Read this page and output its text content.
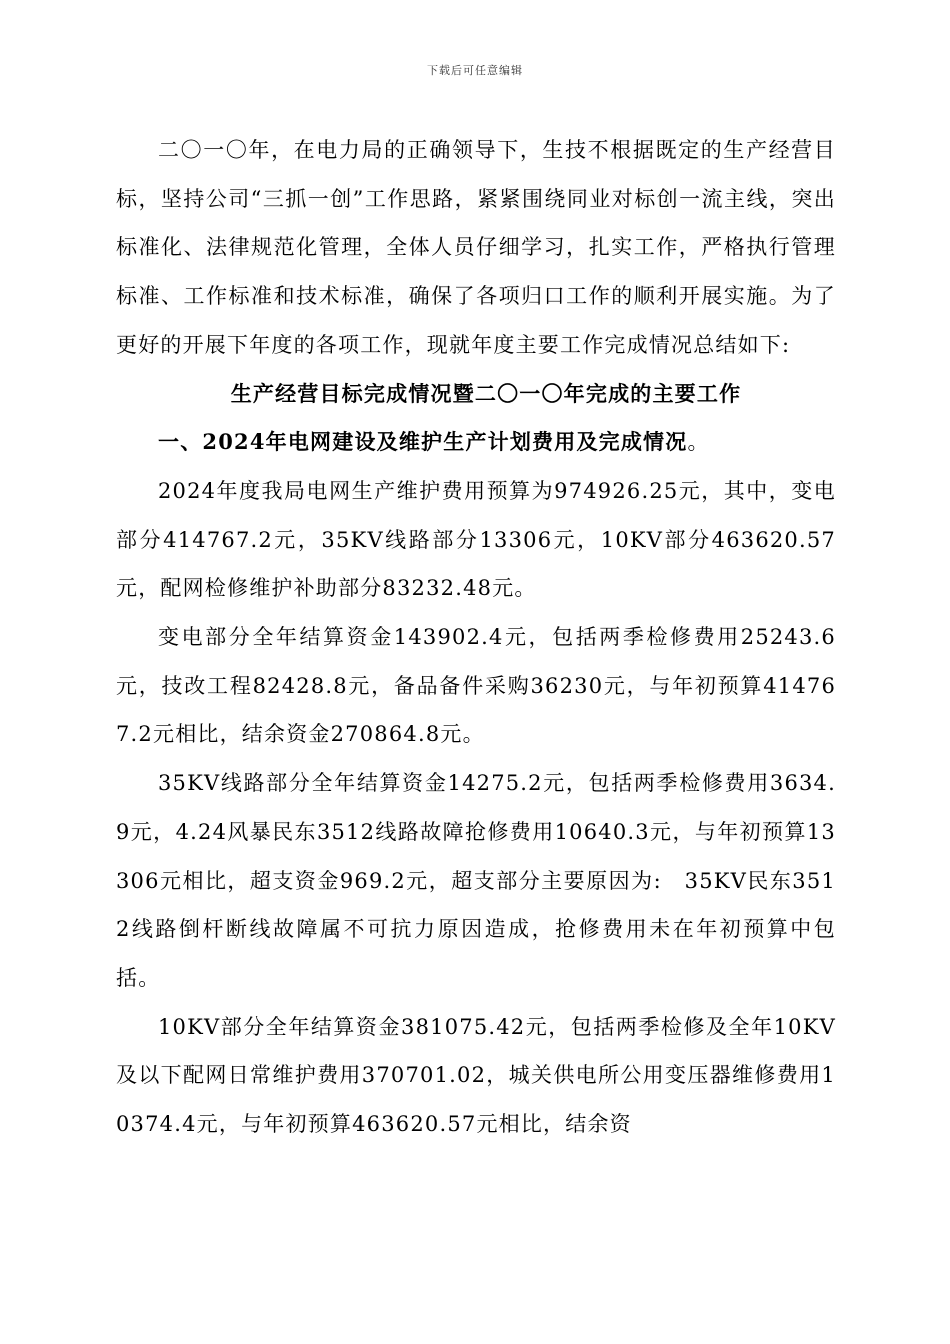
下载后可任意编辑

二〇一〇年，在电力局的正确领导下，生技不根据既定的生产经营目标，坚持公司“三抓一创”工作思路，紧紧围绕同业对标创一流主线，突出标准化、法律规范化管理，全体人员仔细学习，扎实工作，严格执行管理标准、工作标准和技术标准，确保了各项归口工作的顺利开展实施。为了更好的开展下年度的各项工作，现就年度主要工作完成情况总结如下:

生产经营目标完成情况暨二〇一〇年完成的主要工作

一、2024年电网建设及维护生产计划费用及完成情况。

2024年度我局电网生产维护费用预算为974926.25元，其中，变电部分414767.2元，35KV线路部分13306元，10KV部分463620.57元，配网检修维护补助部分83232.48元。

变电部分全年结算资金143902.4元，包括两季检修费用25243.6元，技改工程82428.8元，备品备件采购36230元，与年初预算414767.2元相比，结余资金270864.8元。

35KV线路部分全年结算资金14275.2元，包括两季检修费用3634.9元，4.24风暴民东3512线路故障抢修费用10640.3元，与年初预算13306元相比，超支资金969.2元，超支部分主要原因为:　35KV民东3512线路倒杆断线故障属不可抗力原因造成，抢修费用未在年初预算中包括。

10KV部分全年结算资金381075.42元，包括两季检修及全年10KV及以下配网日常维护费用370701.02，城关供电所公用变压器维修费用10374.4元，与年初预算463620.57元相比，结余资
